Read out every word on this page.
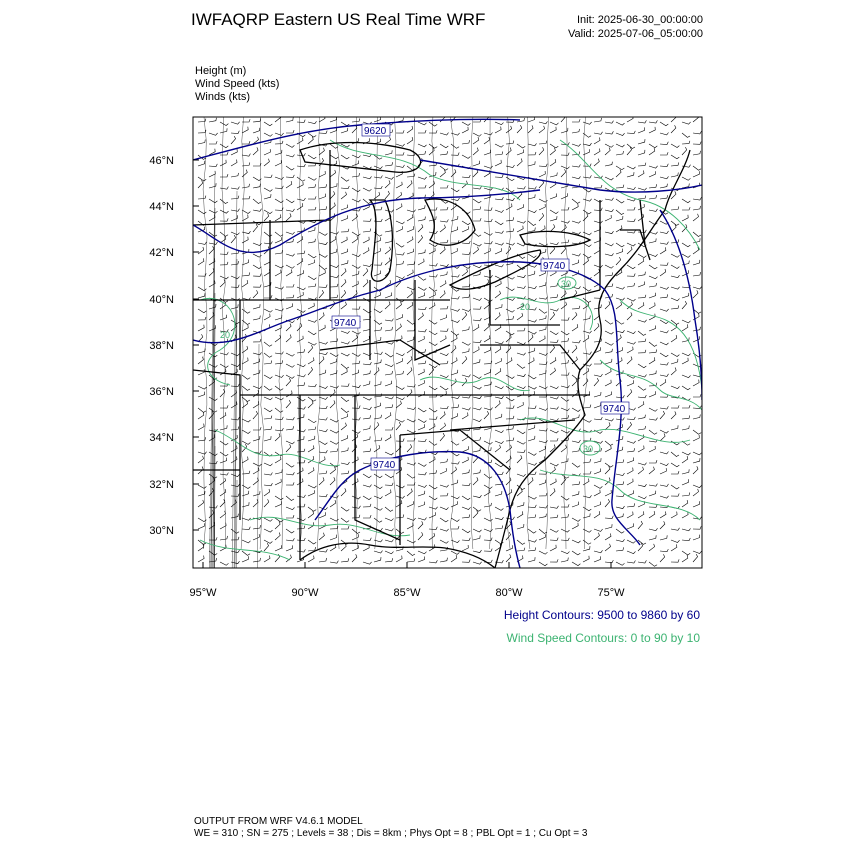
IWFAQRP Eastern US Real Time WRF	Init: 2025-06-30_00:00:00
Valid: 2025-07-06_05:00:00
Height (m)
Wind Speed (kts)
Winds (kts)
9620
9740
9740
9740
9740
30
30
20
20
46°N
44°N
42°N
40°N
38°N
36°N
34°N
32°N
30°N
95°W	90°W	85°W	80°W	75°W
Height Contours: 9500 to 9860 by 60
Wind Speed Contours: 0 to 90 by 10
OUTPUT FROM WRF V4.6.1 MODEL
WE = 310 ; SN = 275 ; Levels = 38 ; Dis = 8km ; Phys Opt = 8 ; PBL Opt = 1 ; Cu Opt = 3
